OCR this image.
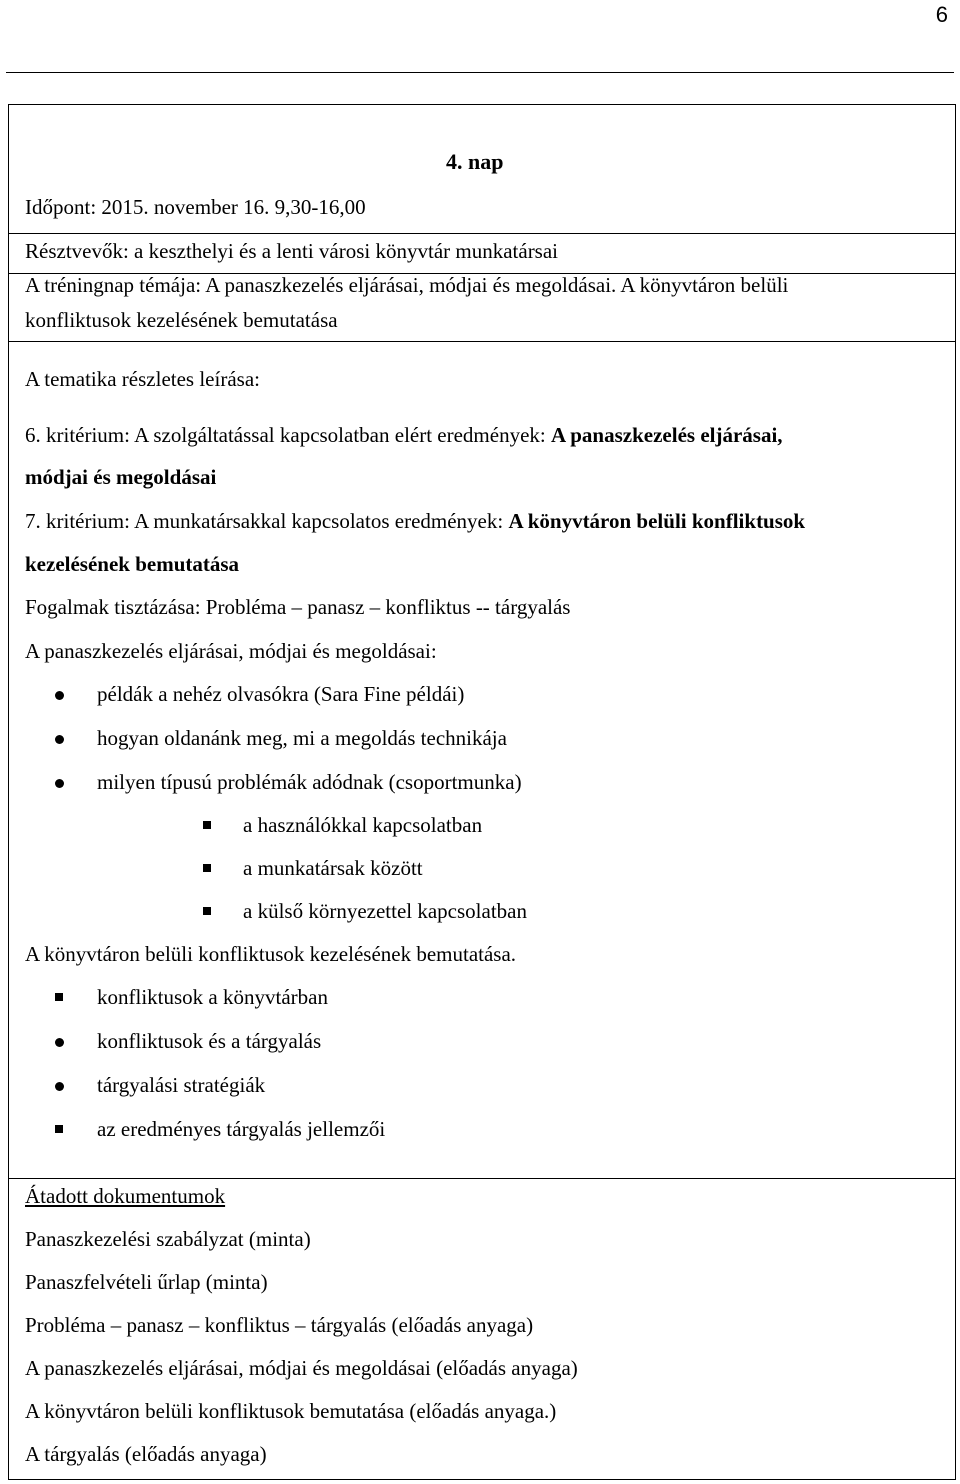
6
4. nap
Időpont: 2015. november 16. 9,30-16,00
Résztvevők: a keszthelyi és a lenti városi könyvtár munkatársai
A tréningnap témája: A panaszkezelés eljárásai, módjai és megoldásai. A könyvtáron belüli
konfliktusok kezelésének bemutatása
A tematika részletes leírása:
6. kritérium: A szolgáltatással kapcsolatban elért eredmények: A panaszkezelés eljárásai,
módjai és megoldásai
7. kritérium: A munkatársakkal kapcsolatos eredmények: A könyvtáron belüli konfliktusok
kezelésének bemutatása
Fogalmak tisztázása: Probléma – panasz – konfliktus -- tárgyalás
A panaszkezelés eljárásai, módjai és megoldásai:
példák a nehéz olvasókra (Sara Fine példái)
hogyan oldanánk meg, mi a megoldás technikája
milyen típusú problémák adódnak (csoportmunka)
a használókkal kapcsolatban
a munkatársak között
a külső környezettel kapcsolatban
A könyvtáron belüli konfliktusok kezelésének bemutatása.
konfliktusok a könyvtárban
konfliktusok és a tárgyalás
tárgyalási stratégiák
az eredményes tárgyalás jellemzői
Átadott dokumentumok
Panaszkezelési szabályzat (minta)
Panaszfelvételi űrlap (minta)
Probléma – panasz – konfliktus – tárgyalás (előadás anyaga)
A panaszkezelés eljárásai, módjai és megoldásai (előadás anyaga)
A könyvtáron belüli konfliktusok bemutatása (előadás anyaga.)
A tárgyalás (előadás anyaga)
